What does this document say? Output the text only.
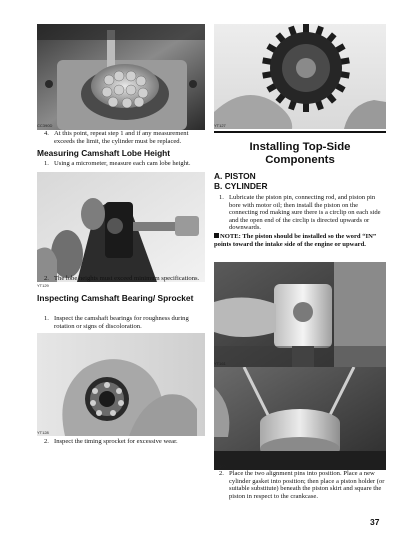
CC390D
4. At this point, repeat step 1 and if any measurement exceeds the limit, the cylinder must be replaced.
Measuring Camshaft Lobe Height
1. Using a micrometer, measure each cam lobe height.
YT129
2. The lobe heights must exceed minimum specifications.
Inspecting Camshaft Bearing/ Sprocket
1. Inspect the camshaft bearings for roughness during rotation or signs of discoloration.
YT128
2. Inspect the timing sprocket for excessive wear.
YT127
Installing Top-Side Components
A. PISTON
B. CYLINDER
1. Lubricate the piston pin, connecting rod, and piston pin bore with motor oil; then install the piston on the connecting rod making sure there is a circlip on each side and the open end of the circlip is directed upwards or downwards.
NOTE: The piston should be installed so the word “IN” points toward the intake side of the engine or upward.
YT161
YT162
2. Place the two alignment pins into position. Place a new cylinder gasket into position; then place a piston holder (or suitable substitute) beneath the piston skirt and square the piston in respect to the crankcase.
37
